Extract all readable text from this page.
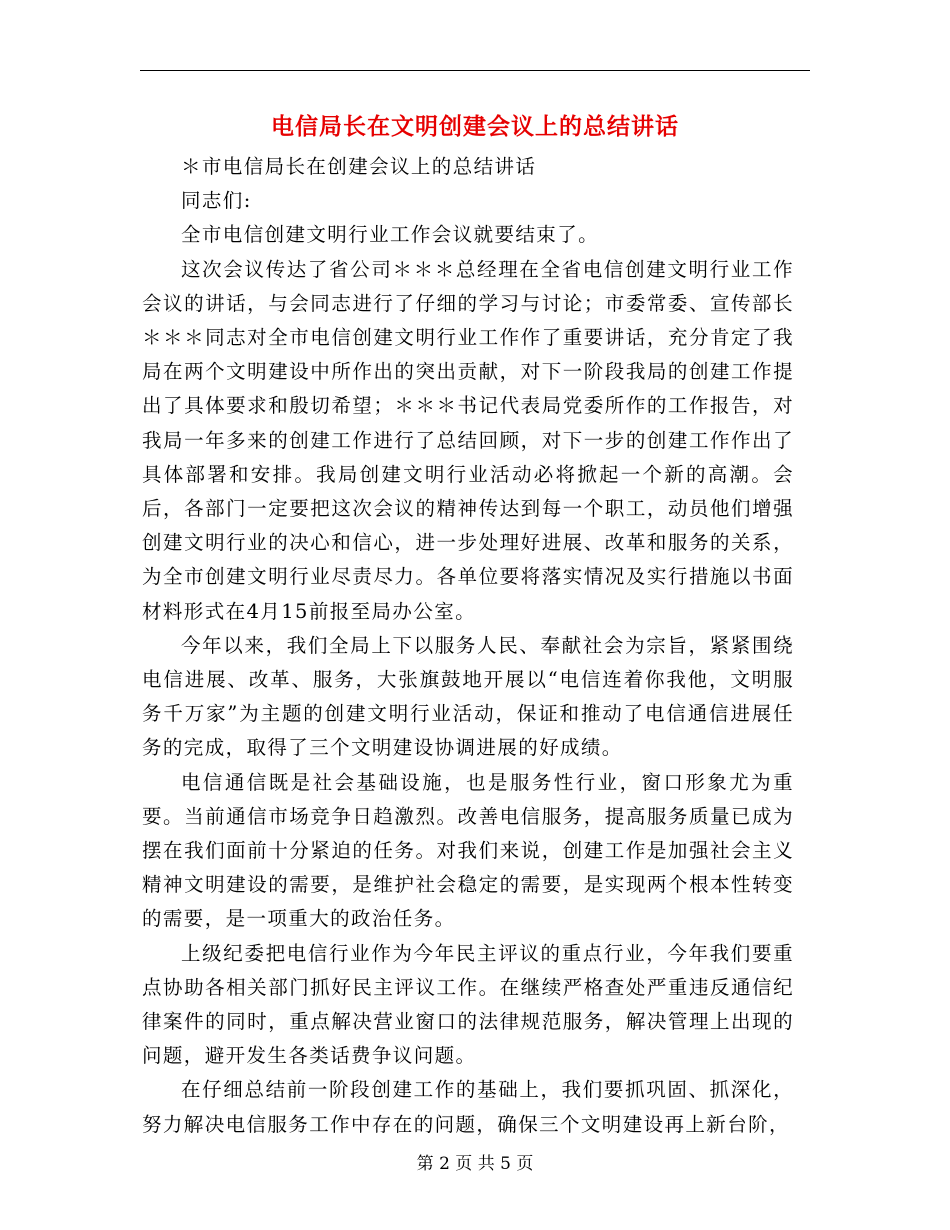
电信局长在文明创建会议上的总结讲话

＊市电信局长在创建会议上的总结讲话

同志们:

全市电信创建文明行业工作会议就要结束了。

这次会议传达了省公司＊＊＊总经理在全省电信创建文明行业工作会议的讲话，与会同志进行了仔细的学习与讨论；市委常委、宣传部长＊＊＊同志对全市电信创建文明行业工作作了重要讲话，充分肯定了我局在两个文明建设中所作出的突出贡献，对下一阶段我局的创建工作提出了具体要求和殷切希望；＊＊＊书记代表局党委所作的工作报告，对我局一年多来的创建工作进行了总结回顾，对下一步的创建工作作出了具体部署和安排。我局创建文明行业活动必将掀起一个新的高潮。会后，各部门一定要把这次会议的精神传达到每一个职工，动员他们增强创建文明行业的决心和信心，进一步处理好进展、改革和服务的关系，为全市创建文明行业尽责尽力。各单位要将落实情况及实行措施以书面材料形式在4月15前报至局办公室。

今年以来，我们全局上下以服务人民、奉献社会为宗旨，紧紧围绕电信进展、改革、服务，大张旗鼓地开展以“电信连着你我他，文明服务千万家”为主题的创建文明行业活动，保证和推动了电信通信进展任务的完成，取得了三个文明建设协调进展的好成绩。

电信通信既是社会基础设施，也是服务性行业，窗口形象尤为重要。当前通信市场竞争日趋激烈。改善电信服务，提高服务质量已成为摆在我们面前十分紧迫的任务。对我们来说，创建工作是加强社会主义精神文明建设的需要，是维护社会稳定的需要，是实现两个根本性转变的需要，是一项重大的政治任务。

上级纪委把电信行业作为今年民主评议的重点行业，今年我们要重点协助各相关部门抓好民主评议工作。在继续严格查处严重违反通信纪律案件的同时，重点解决营业窗口的法律规范服务，解决管理上出现的问题，避开发生各类话费争议问题。

在仔细总结前一阶段创建工作的基础上，我们要抓巩固、抓深化，努力解决电信服务工作中存在的问题，确保三个文明建设再上新台阶，

第 2 页 共 5 页
